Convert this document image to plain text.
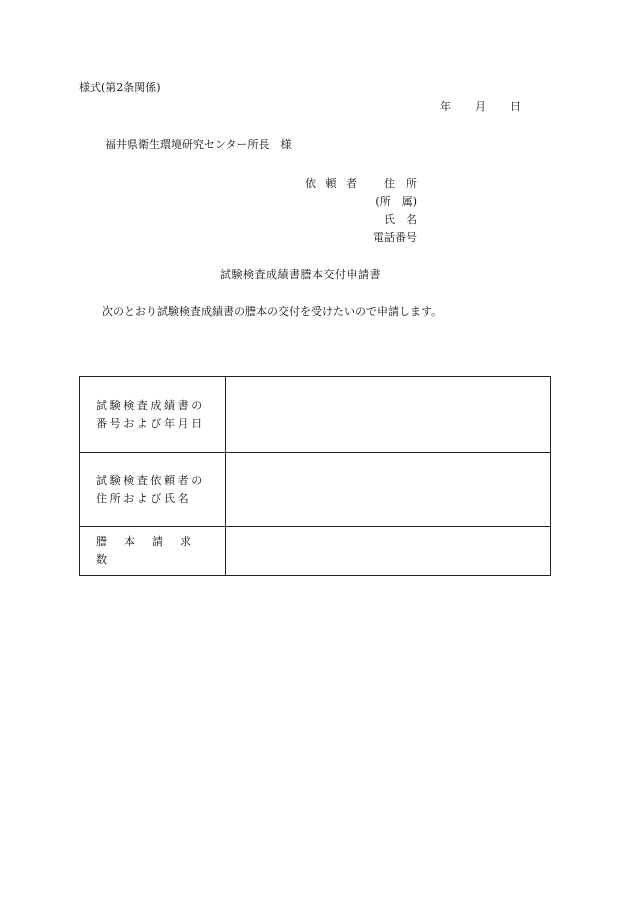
様式(第2条関係)
年 月 日
福井県衛生環境研究センター所長　様
依 頼 者	住　所
(所　属)
氏　名
電話番号
試験検査成績書謄本交付申請書
次のとおり試験検査成績書の謄本の交付を受けたいので申請します。
試験検査成績書の
番号および年月日
試験検査依頼者の
住所および氏名
謄本請求数
